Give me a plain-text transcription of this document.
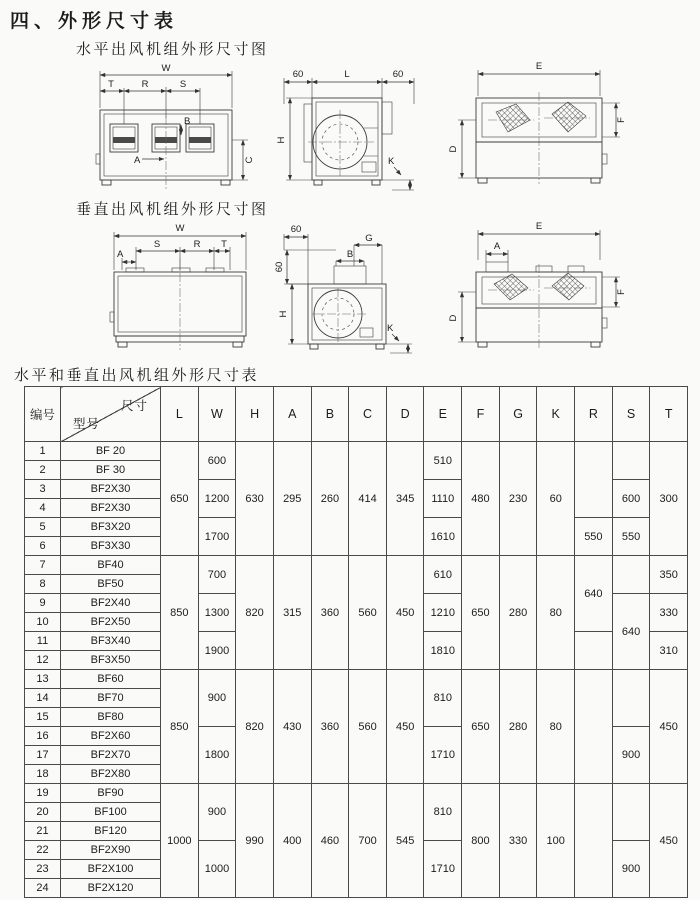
四、外形尺寸表
水平出风机组外形尺寸图
垂直出风机组外形尺寸图
水平和垂直出风机组外形尺寸表
W
T	R	S
A
B
C
60	L	60
H
K
E
F
D
W
S	R T
A
60
60
G
B
H
K
E
A
F
D
编号	尺寸
型号	L	W	H	A	B	C	D	E	F	G	K	R	S	T
1	BF 20	650	600	630	295	260	414	345	510	480	230	60			300
2	BF 30														
3	BF2X30		1200						1110					600	
4	BF2X30														
5	BF3X20		1700						1610				550	550	
6	BF3X30														
7	BF40	850	700	820	315	360	560	450	610	650	280	80	640		350
8	BF50														
9	BF2X40		1300						1210					640	330
10	BF2X50														
11	BF3X40		1900						1810						310
12	BF3X50														
13	BF60	850	900	820	430	360	560	450	810	650	280	80			450
14	BF70														
15	BF80														
16	BF2X60		1800						1710					900	
17	BF2X70														
18	BF2X80														
19	BF90	1000	900	990	400	460	700	545	810	800	330	100			450
20	BF100														
21	BF120														
22	BF2X90		1000						1710					900	
23	BF2X100														
24	BF2X120														
